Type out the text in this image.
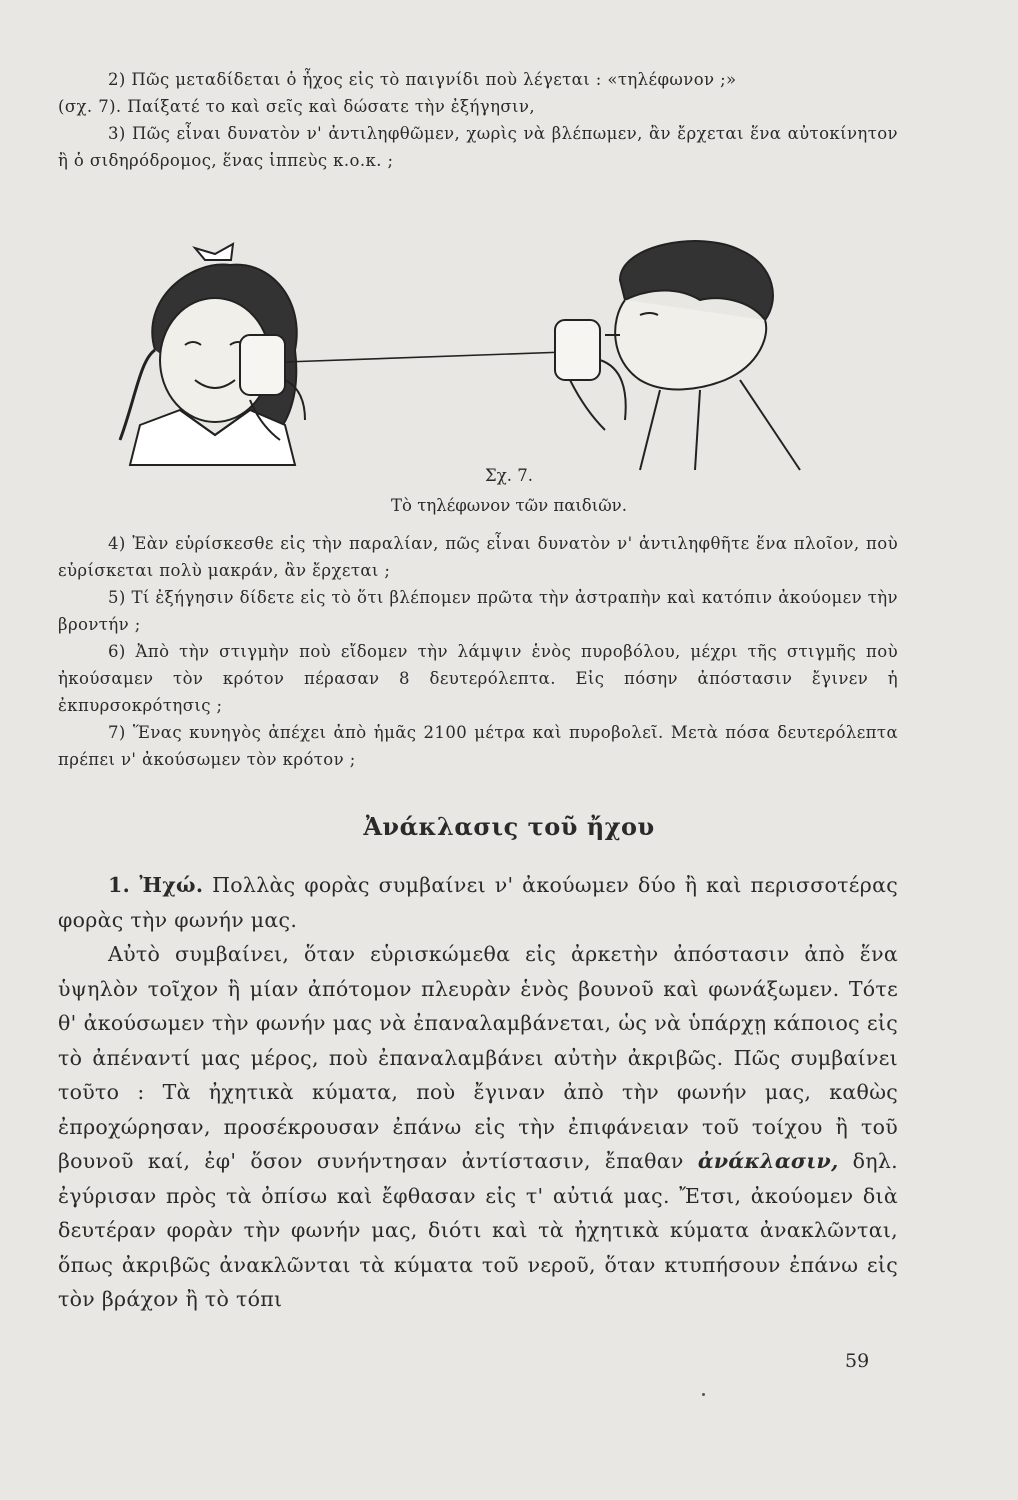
2) Πῶς μεταδίδεται ὁ ἦχος εἰς τὸ παιγνίδι ποὺ λέγεται : «τηλέφωνον ;»

(σχ. 7). Παίξατέ το καὶ σεῖς καὶ δώσατε τὴν ἐξήγησιν,

3) Πῶς εἶναι δυνατὸν ν' ἀντιληφθῶμεν, χωρὶς νὰ βλέπωμεν, ἂν ἔρχεται ἕνα αὐτοκίνητον ἢ ὁ σιδηρόδρομος, ἕνας ἱππεὺς κ.ο.κ. ;

Σχ. 7.
Τὸ τηλέφωνον τῶν παιδιῶν.

4) Ἐὰν εὑρίσκεσθε εἰς τὴν παραλίαν, πῶς εἶναι δυνατὸν ν' ἀντιληφθῆτε ἕνα πλοῖον, ποὺ εὑρίσκεται πολὺ μακράν, ἂν ἔρχεται ;

5) Τί ἐξήγησιν δίδετε εἰς τὸ ὅτι βλέπομεν πρῶτα τὴν ἀστραπὴν καὶ κατόπιν ἀκούομεν τὴν βροντήν ;

6) Ἀπὸ τὴν στιγμὴν ποὺ εἴδομεν τὴν λάμψιν ἑνὸς πυροβόλου, μέχρι τῆς στιγμῆς ποὺ ἠκούσαμεν τὸν κρότον πέρασαν 8 δευτερόλεπτα. Εἰς πόσην ἀπόστασιν ἔγινεν ἡ ἐκπυρσοκρότησις ;

7) Ἕνας κυνηγὸς ἀπέχει ἀπὸ ἡμᾶς 2100 μέτρα καὶ πυροβολεῖ. Μετὰ πόσα δευτερόλεπτα πρέπει ν' ἀκούσωμεν τὸν κρότον ;

Ἀνάκλασις τοῦ ἤχου

1. Ἠχώ. Πολλὰς φορὰς συμβαίνει ν' ἀκούωμεν δύο ἢ καὶ περισσοτέρας φορὰς τὴν φωνήν μας.

Αὐτὸ συμβαίνει, ὅταν εὑρισκώμεθα εἰς ἀρκετὴν ἀπόστασιν ἀπὸ ἕνα ὑψηλὸν τοῖχον ἢ μίαν ἀπότομον πλευρὰν ἑνὸς βουνοῦ καὶ φωνάξωμεν. Τότε θ' ἀκούσωμεν τὴν φωνήν μας νὰ ἐπαναλαμβάνεται, ὡς νὰ ὑπάρχῃ κάποιος εἰς τὸ ἀπέναντί μας μέρος, ποὺ ἐπαναλαμβάνει αὐτὴν ἀκριβῶς. Πῶς συμβαίνει τοῦτο : Τὰ ἠχητικὰ κύματα, ποὺ ἔγιναν ἀπὸ τὴν φωνήν μας, καθὼς ἐπροχώρησαν, προσέκρουσαν ἐπάνω εἰς τὴν ἐπιφάνειαν τοῦ τοίχου ἢ τοῦ βουνοῦ καί, ἐφ' ὅσον συνήντησαν ἀντίστασιν, ἔπαθαν ἀνάκλασιν, δηλ. ἐγύρισαν πρὸς τὰ ὀπίσω καὶ ἔφθασαν εἰς τ' αὐτιά μας. Ἔτσι, ἀκούομεν διὰ δευτέραν φορὰν τὴν φωνήν μας, διότι καὶ τὰ ἠχητικὰ κύματα ἀνακλῶνται, ὅπως ἀκριβῶς ἀνακλῶνται τὰ κύματα τοῦ νεροῦ, ὅταν κτυπήσουν ἐπάνω εἰς τὸν βράχον ἢ τὸ τόπι

59
